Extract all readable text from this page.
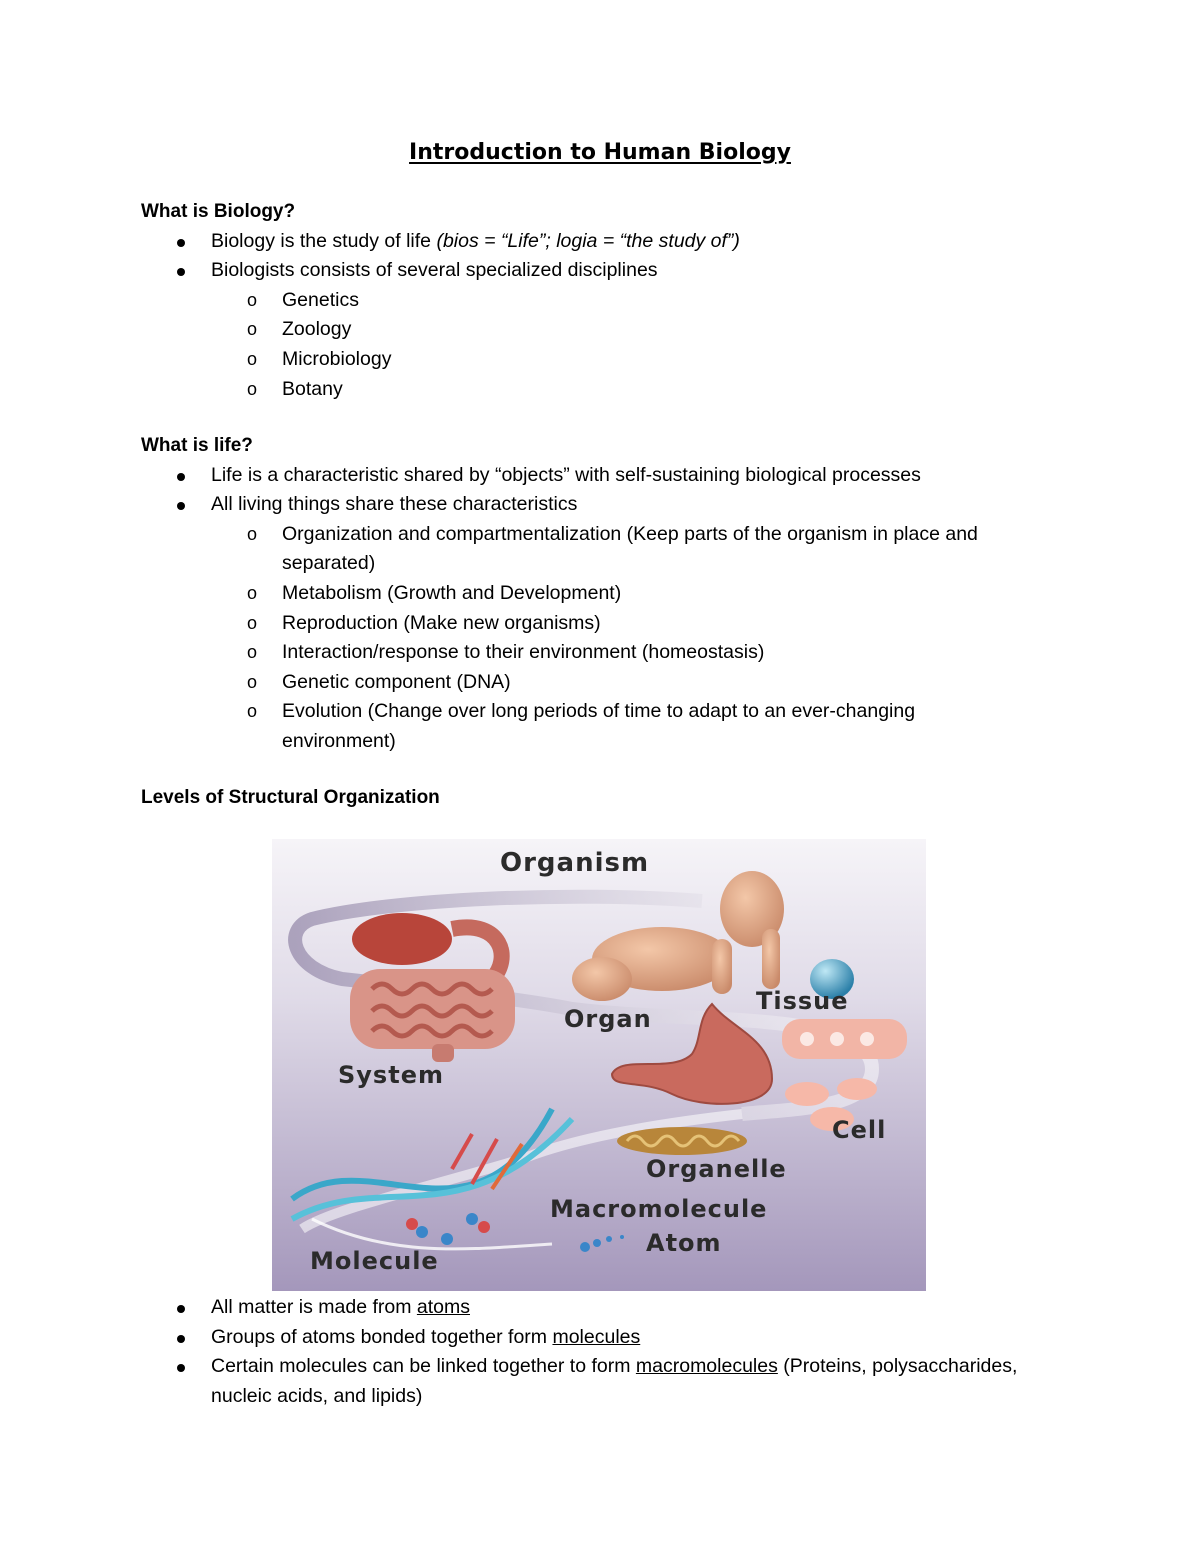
Introduction to Human Biology
What is Biology?
Biology is the study of life (bios = “Life”; logia = “the study of”)
Biologists consists of several specialized disciplines
o Genetics
o Zoology
o Microbiology
o Botany
What is life?
Life is a characteristic shared by “objects” with self-sustaining biological processes
All living things share these characteristics
o Organization and compartmentalization (Keep parts of the organism in place and separated)
o Metabolism (Growth and Development)
o Reproduction (Make new organisms)
o Interaction/response to their environment (homeostasis)
o Genetic component (DNA)
o Evolution (Change over long periods of time to adapt to an ever-changing environment)
Levels of Structural Organization
Organism
Tissue
Organ
System
Cell
Organelle
Macromolecule
Atom
Molecule
All matter is made from atoms
Groups of atoms bonded together form molecules
Certain molecules can be linked together to form macromolecules (Proteins, polysaccharides, nucleic acids, and lipids)
